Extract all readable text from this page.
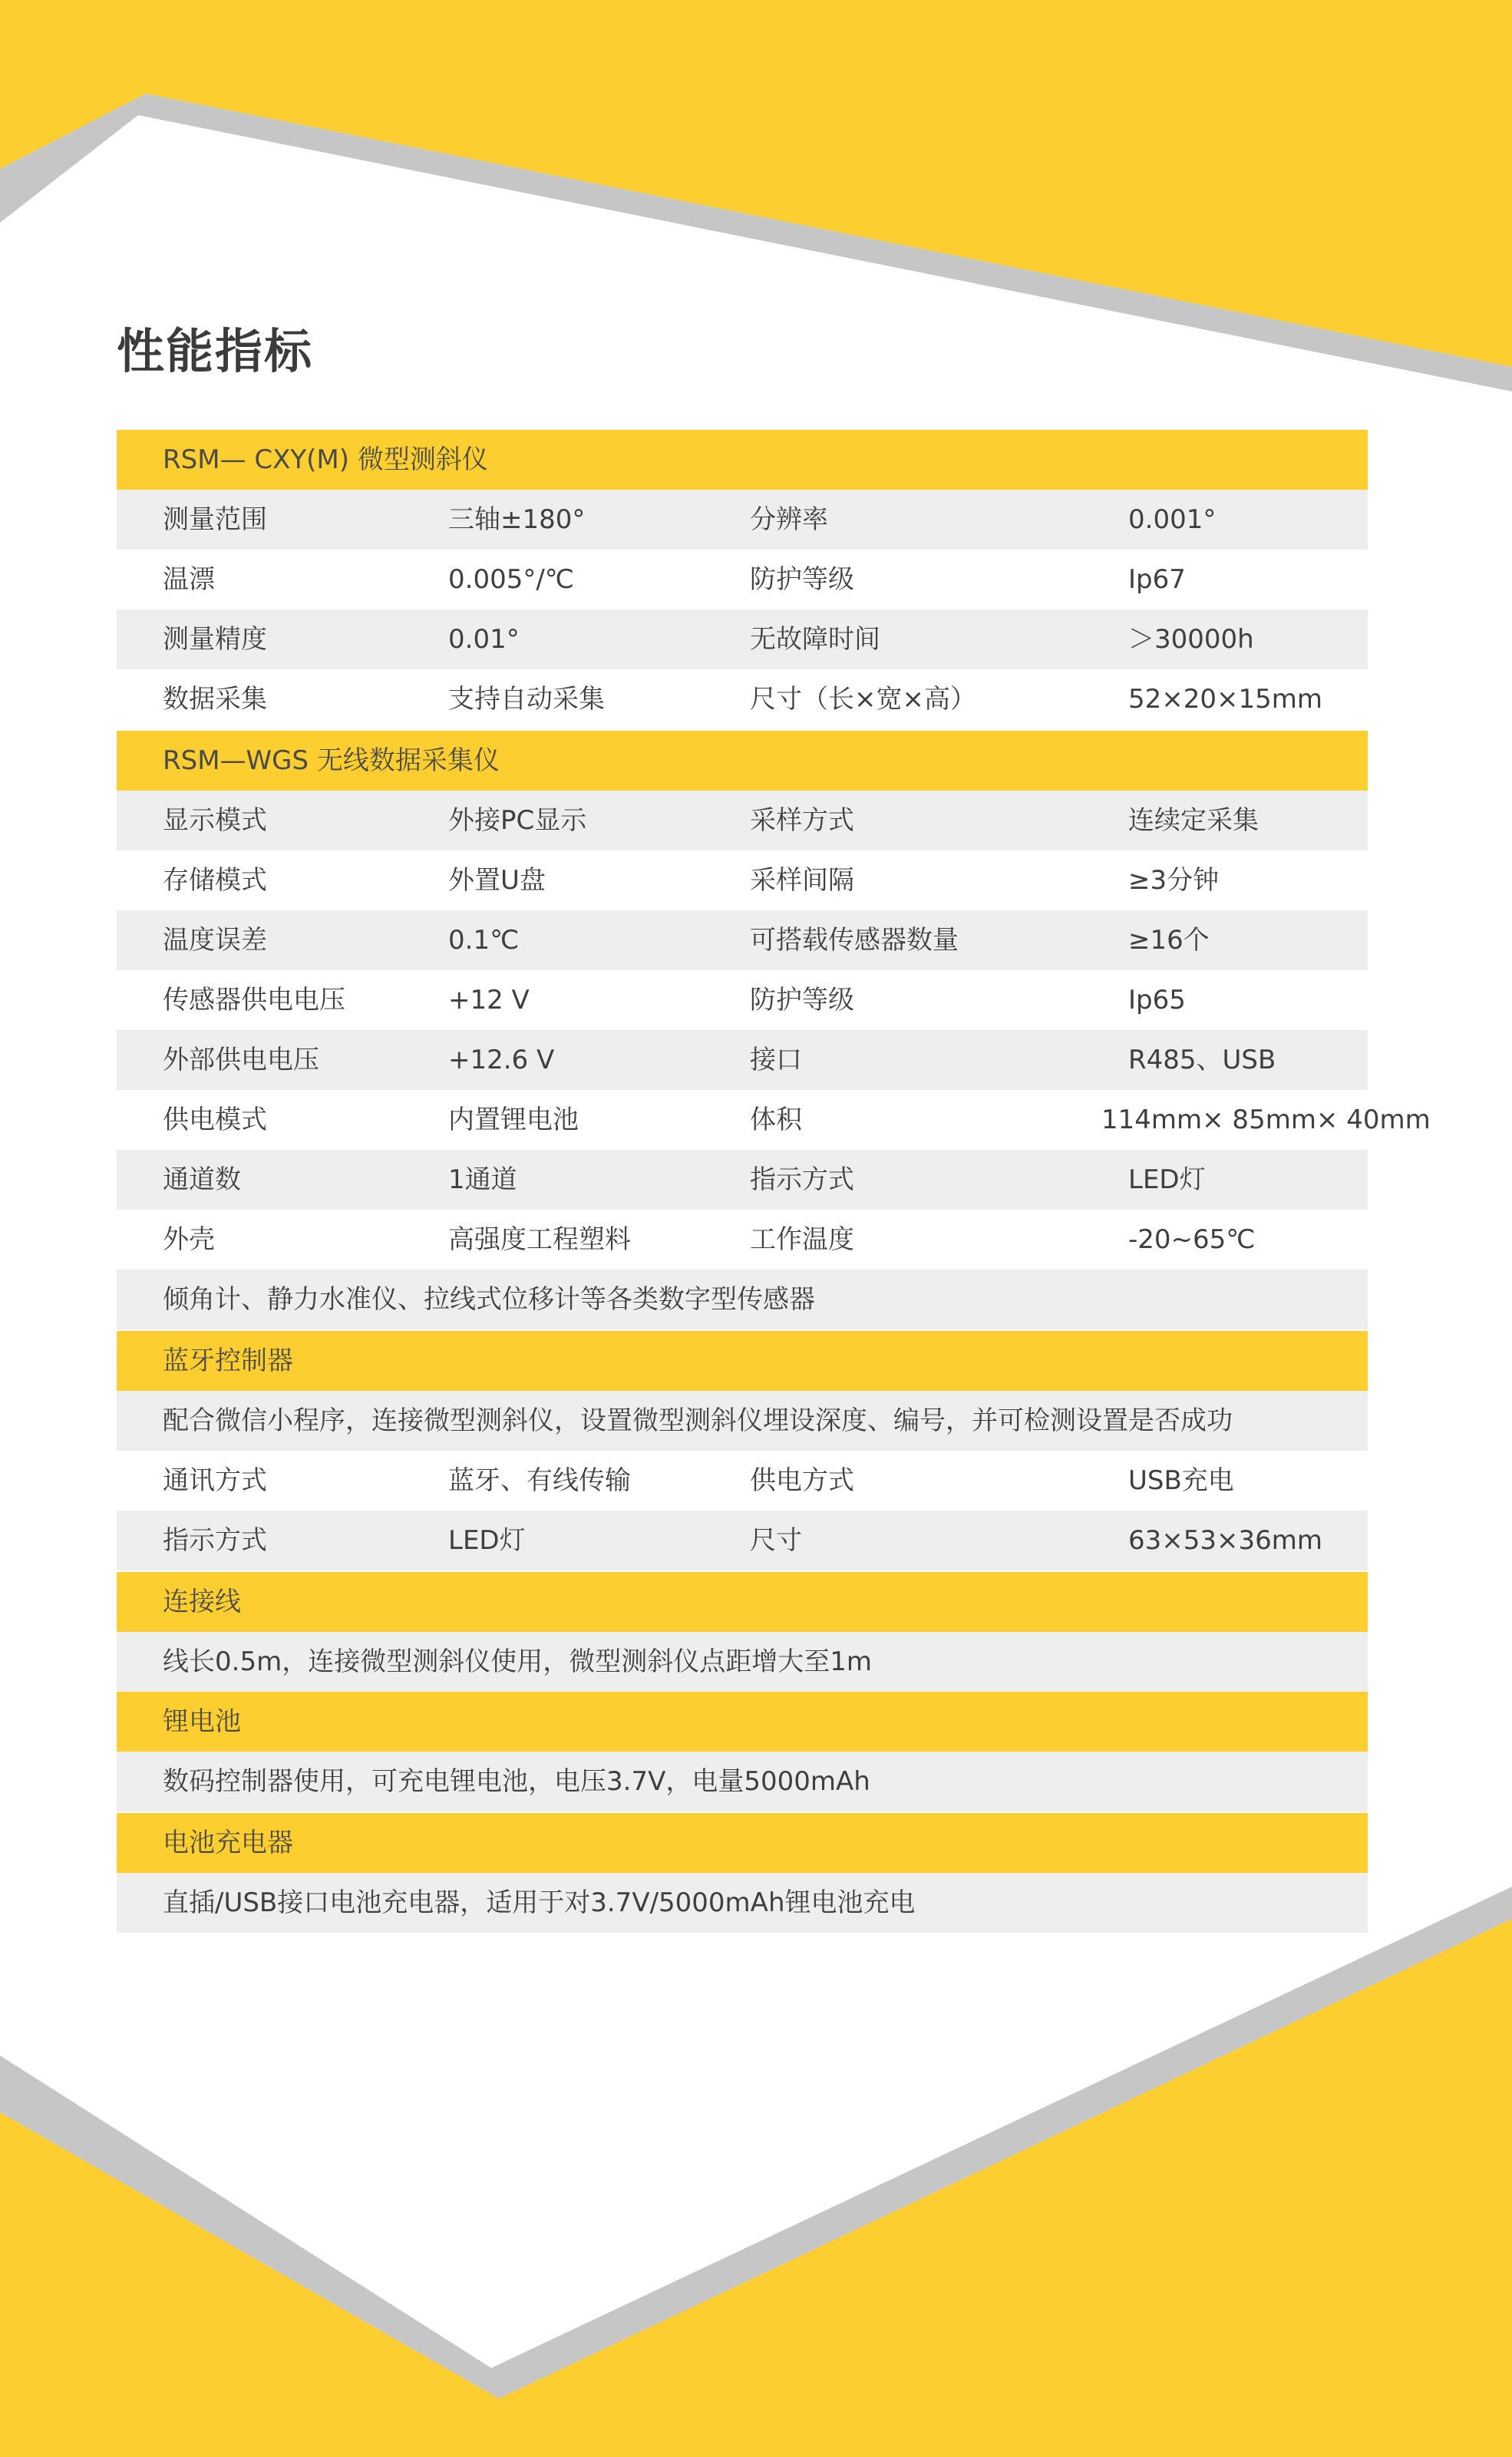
性能指标
RSM— CXY(M) 微型测斜仪
测量范围	三轴±180°	分辨率	0.001°
温漂	0.005°/℃	防护等级	Ip67
测量精度	0.01°	无故障时间	＞30000h
数据采集	支持自动采集	尺寸（长×宽×高）	52×20×15mm
RSM—WGS 无线数据采集仪
显示模式	外接PC显示	采样方式	连续定采集
存储模式	外置U盘	采样间隔	≥3分钟
温度误差	0.1℃	可搭载传感器数量	≥16个
传感器供电电压	+12 V	防护等级	Ip65
外部供电电压	+12.6 V	接口	R485、USB
供电模式	内置锂电池	体积	114mm× 85mm× 40mm
通道数	1通道	指示方式	LED灯
外壳	高强度工程塑料	工作温度	-20~65℃
倾角计、静力水准仪、拉线式位移计等各类数字型传感器
蓝牙控制器
配合微信小程序，连接微型测斜仪，设置微型测斜仪埋设深度、编号，并可检测设置是否成功
通讯方式	蓝牙、有线传输	供电方式	USB充电
指示方式	LED灯	尺寸	63×53×36mm
连接线
线长0.5m，连接微型测斜仪使用，微型测斜仪点距增大至1m
锂电池
数码控制器使用，可充电锂电池，电压3.7V，电量5000mAh
电池充电器
直插/USB接口电池充电器，适用于对3.7V/5000mAh锂电池充电
